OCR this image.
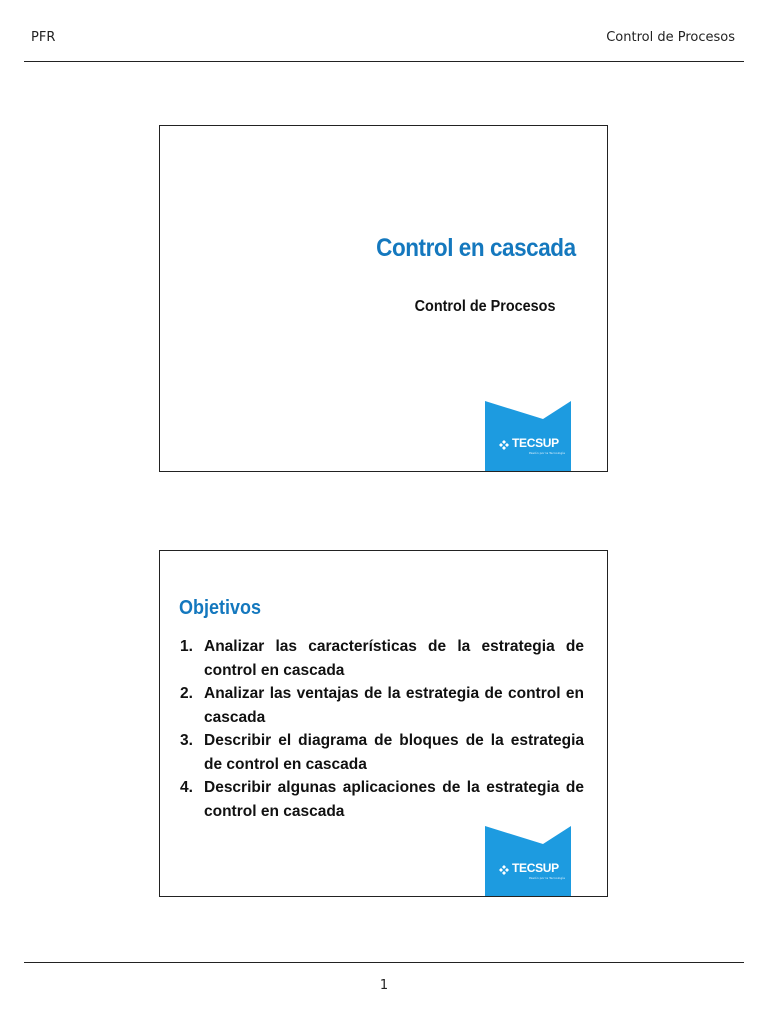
PFR	Control de Procesos
Control en cascada
Control de Procesos
TECSUP
Pasión por la Tecnología
Objetivos
1. Analizar las características de la estrategia de control en cascada
2. Analizar las ventajas de la estrategia de control en cascada
3. Describir el diagrama de bloques de la estrategia de control en cascada
4. Describir algunas aplicaciones de la estrategia de control en cascada
TECSUP
Pasión por la Tecnología
1
